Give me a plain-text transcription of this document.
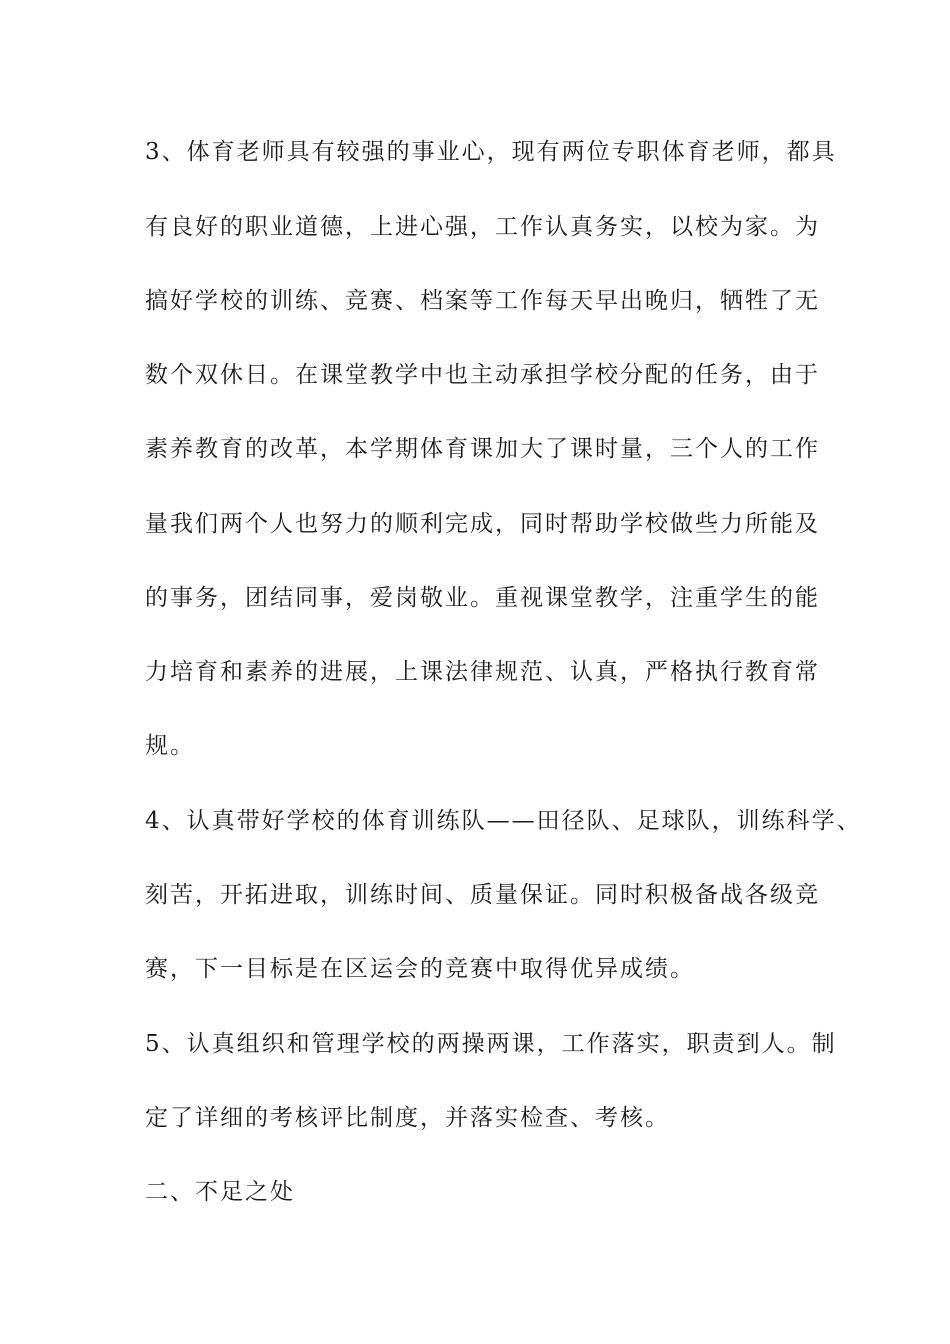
3、体育老师具有较强的事业心，现有两位专职体育老师，都具
有良好的职业道德，上进心强，工作认真务实，以校为家。为
搞好学校的训练、竞赛、档案等工作每天早出晚归，牺牲了无
数个双休日。在课堂教学中也主动承担学校分配的任务，由于
素养教育的改革，本学期体育课加大了课时量，三个人的工作
量我们两个人也努力的顺利完成，同时帮助学校做些力所能及
的事务，团结同事，爱岗敬业。重视课堂教学，注重学生的能
力培育和素养的进展，上课法律规范、认真，严格执行教育常
规。
4、认真带好学校的体育训练队——田径队、足球队，训练科学、
刻苦，开拓进取，训练时间、质量保证。同时积极备战各级竞
赛，下一目标是在区运会的竞赛中取得优异成绩。
5、认真组织和管理学校的两操两课，工作落实，职责到人。制
定了详细的考核评比制度，并落实检查、考核。
二、不足之处
